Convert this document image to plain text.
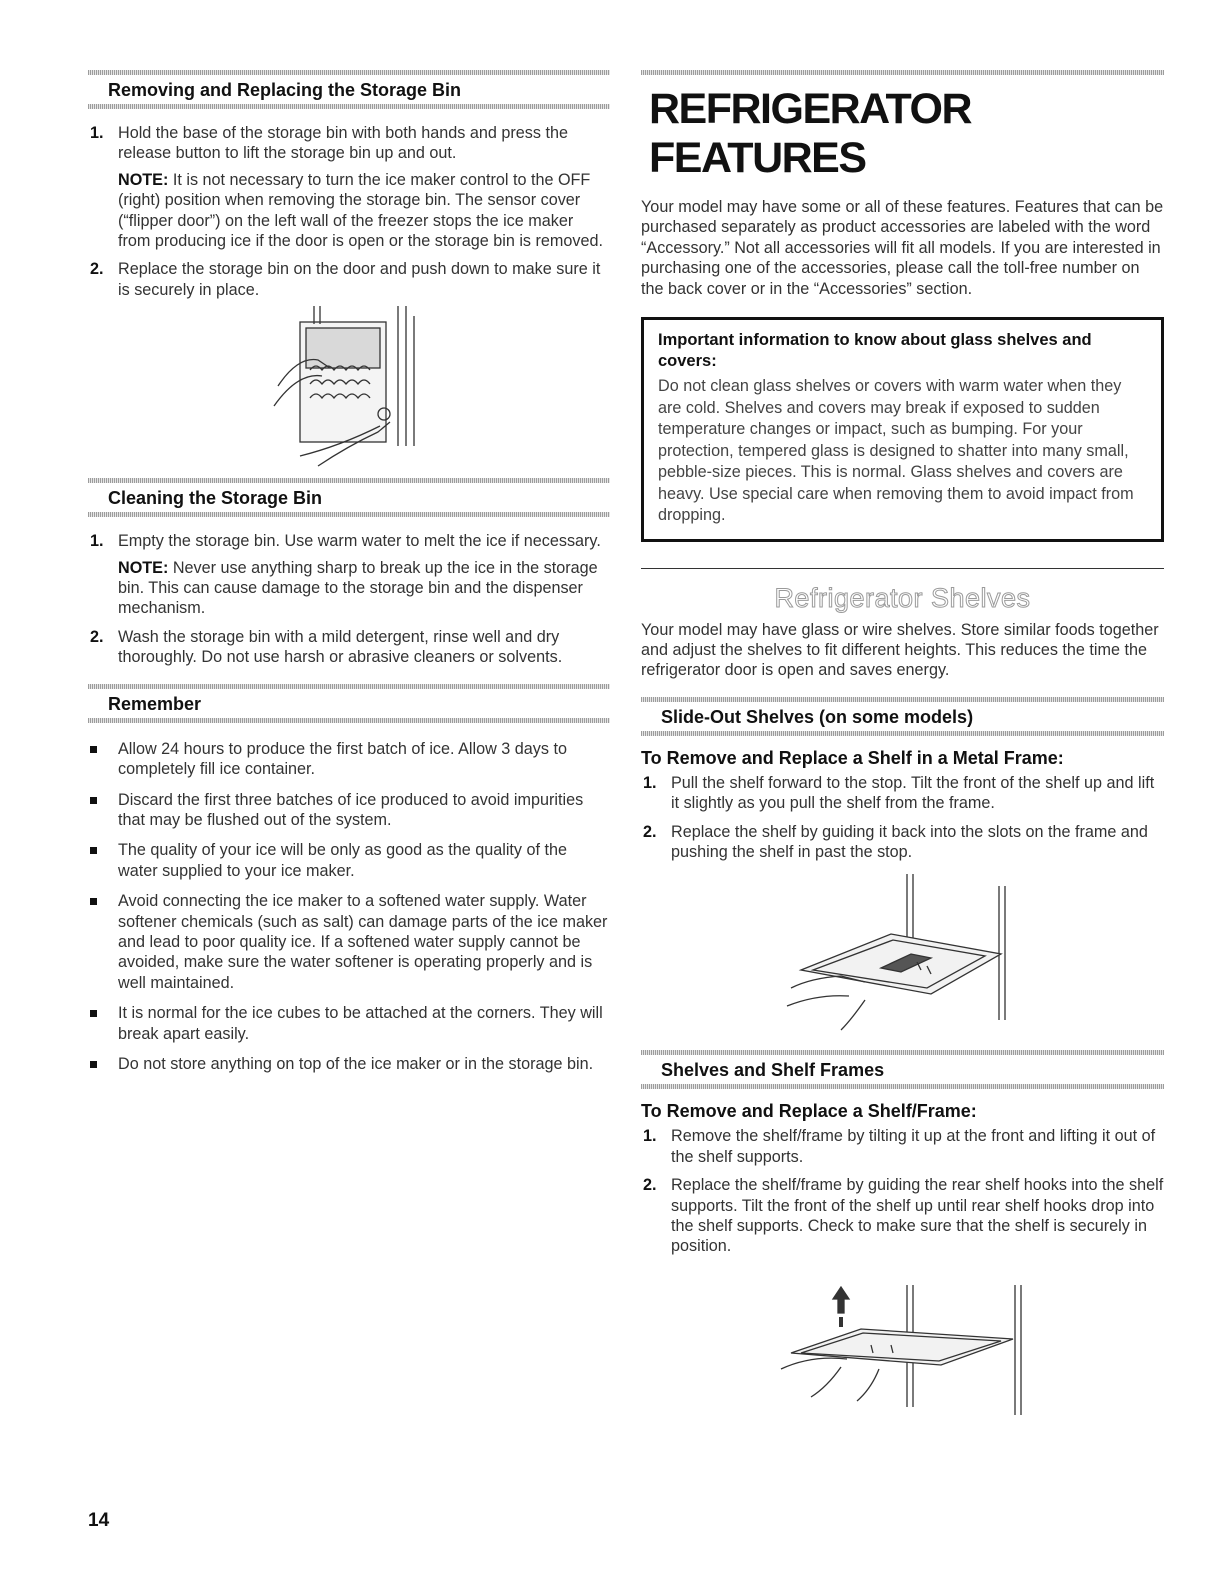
Removing and Replacing the Storage Bin
1. Hold the base of the storage bin with both hands and press the release button to lift the storage bin up and out.
NOTE: It is not necessary to turn the ice maker control to the OFF (right) position when removing the storage bin. The sensor cover (“flipper door”) on the left wall of the freezer stops the ice maker from producing ice if the door is open or the storage bin is removed.
2. Replace the storage bin on the door and push down to make sure it is securely in place.
Cleaning the Storage Bin
1. Empty the storage bin. Use warm water to melt the ice if necessary.
NOTE: Never use anything sharp to break up the ice in the storage bin. This can cause damage to the storage bin and the dispenser mechanism.
2. Wash the storage bin with a mild detergent, rinse well and dry thoroughly. Do not use harsh or abrasive cleaners or solvents.
Remember
Allow 24 hours to produce the first batch of ice. Allow 3 days to completely fill ice container.
Discard the first three batches of ice produced to avoid impurities that may be flushed out of the system.
The quality of your ice will be only as good as the quality of the water supplied to your ice maker.
Avoid connecting the ice maker to a softened water supply. Water softener chemicals (such as salt) can damage parts of the ice maker and lead to poor quality ice. If a softened water supply cannot be avoided, make sure the water softener is operating properly and is well maintained.
It is normal for the ice cubes to be attached at the corners. They will break apart easily.
Do not store anything on top of the ice maker or in the storage bin.
REFRIGERATOR FEATURES
Your model may have some or all of these features. Features that can be purchased separately as product accessories are labeled with the word “Accessory.” Not all accessories will fit all models. If you are interested in purchasing one of the accessories, please call the toll-free number on the back cover or in the “Accessories” section.
Important information to know about glass shelves and covers:
Do not clean glass shelves or covers with warm water when they are cold. Shelves and covers may break if exposed to sudden temperature changes or impact, such as bumping. For your protection, tempered glass is designed to shatter into many small, pebble-size pieces. This is normal. Glass shelves and covers are heavy. Use special care when removing them to avoid impact from dropping.
Refrigerator Shelves
Your model may have glass or wire shelves. Store similar foods together and adjust the shelves to fit different heights. This reduces the time the refrigerator door is open and saves energy.
Slide-Out Shelves (on some models)
To Remove and Replace a Shelf in a Metal Frame:
1. Pull the shelf forward to the stop. Tilt the front of the shelf up and lift it slightly as you pull the shelf from the frame.
2. Replace the shelf by guiding it back into the slots on the frame and pushing the shelf in past the stop.
Shelves and Shelf Frames
To Remove and Replace a Shelf/Frame:
1. Remove the shelf/frame by tilting it up at the front and lifting it out of the shelf supports.
2. Replace the shelf/frame by guiding the rear shelf hooks into the shelf supports. Tilt the front of the shelf up until rear shelf hooks drop into the shelf supports. Check to make sure that the shelf is securely in position.
14
